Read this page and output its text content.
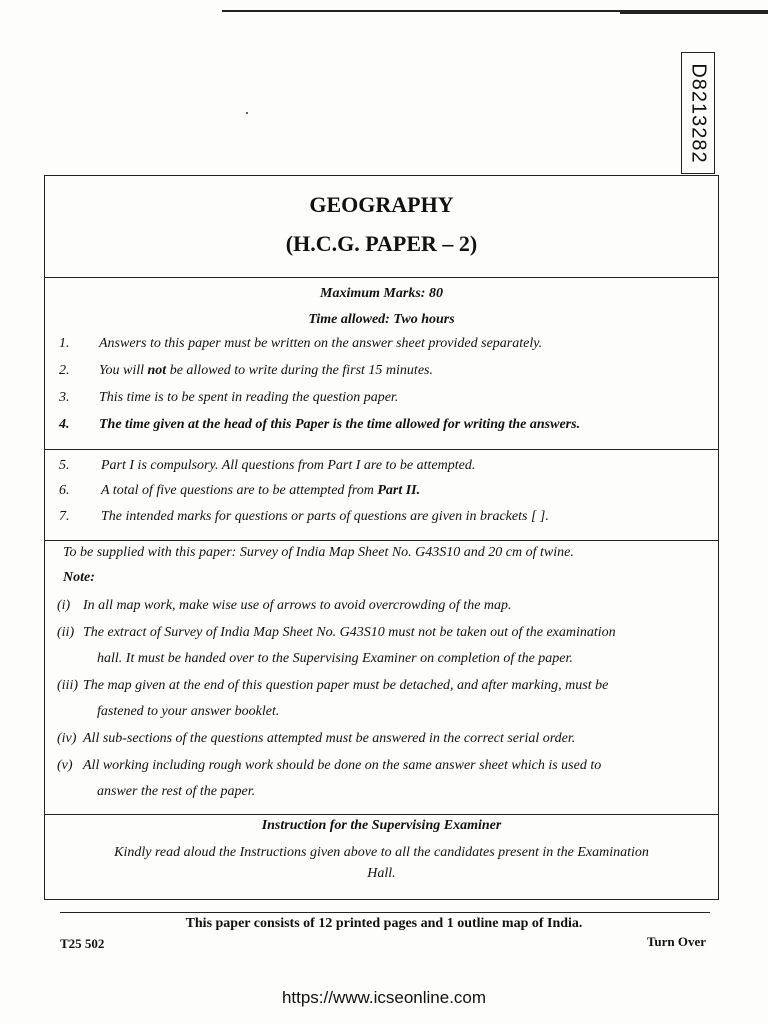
D8213282
GEOGRAPHY
(H.C.G. PAPER – 2)
Maximum Marks: 80
Time allowed: Two hours
1. Answers to this paper must be written on the answer sheet provided separately.
2. You will not be allowed to write during the first 15 minutes.
3. This time is to be spent in reading the question paper.
4. The time given at the head of this Paper is the time allowed for writing the answers.
5. Part I is compulsory. All questions from Part I are to be attempted.
6. A total of five questions are to be attempted from Part II.
7. The intended marks for questions or parts of questions are given in brackets [ ].
To be supplied with this paper: Survey of India Map Sheet No. G43S10 and 20 cm of twine.
Note:
(i) In all map work, make wise use of arrows to avoid overcrowding of the map.
(ii) The extract of Survey of India Map Sheet No. G43S10 must not be taken out of the examination
hall. It must be handed over to the Supervising Examiner on completion of the paper.
(iii) The map given at the end of this question paper must be detached, and after marking, must be
fastened to your answer booklet.
(iv) All sub-sections of the questions attempted must be answered in the correct serial order.
(v) All working including rough work should be done on the same answer sheet which is used to
answer the rest of the paper.
Instruction for the Supervising Examiner
Kindly read aloud the Instructions given above to all the candidates present in the Examination
Hall.
This paper consists of 12 printed pages and 1 outline map of India.
T25 502	Turn Over
https://www.icseonline.com
